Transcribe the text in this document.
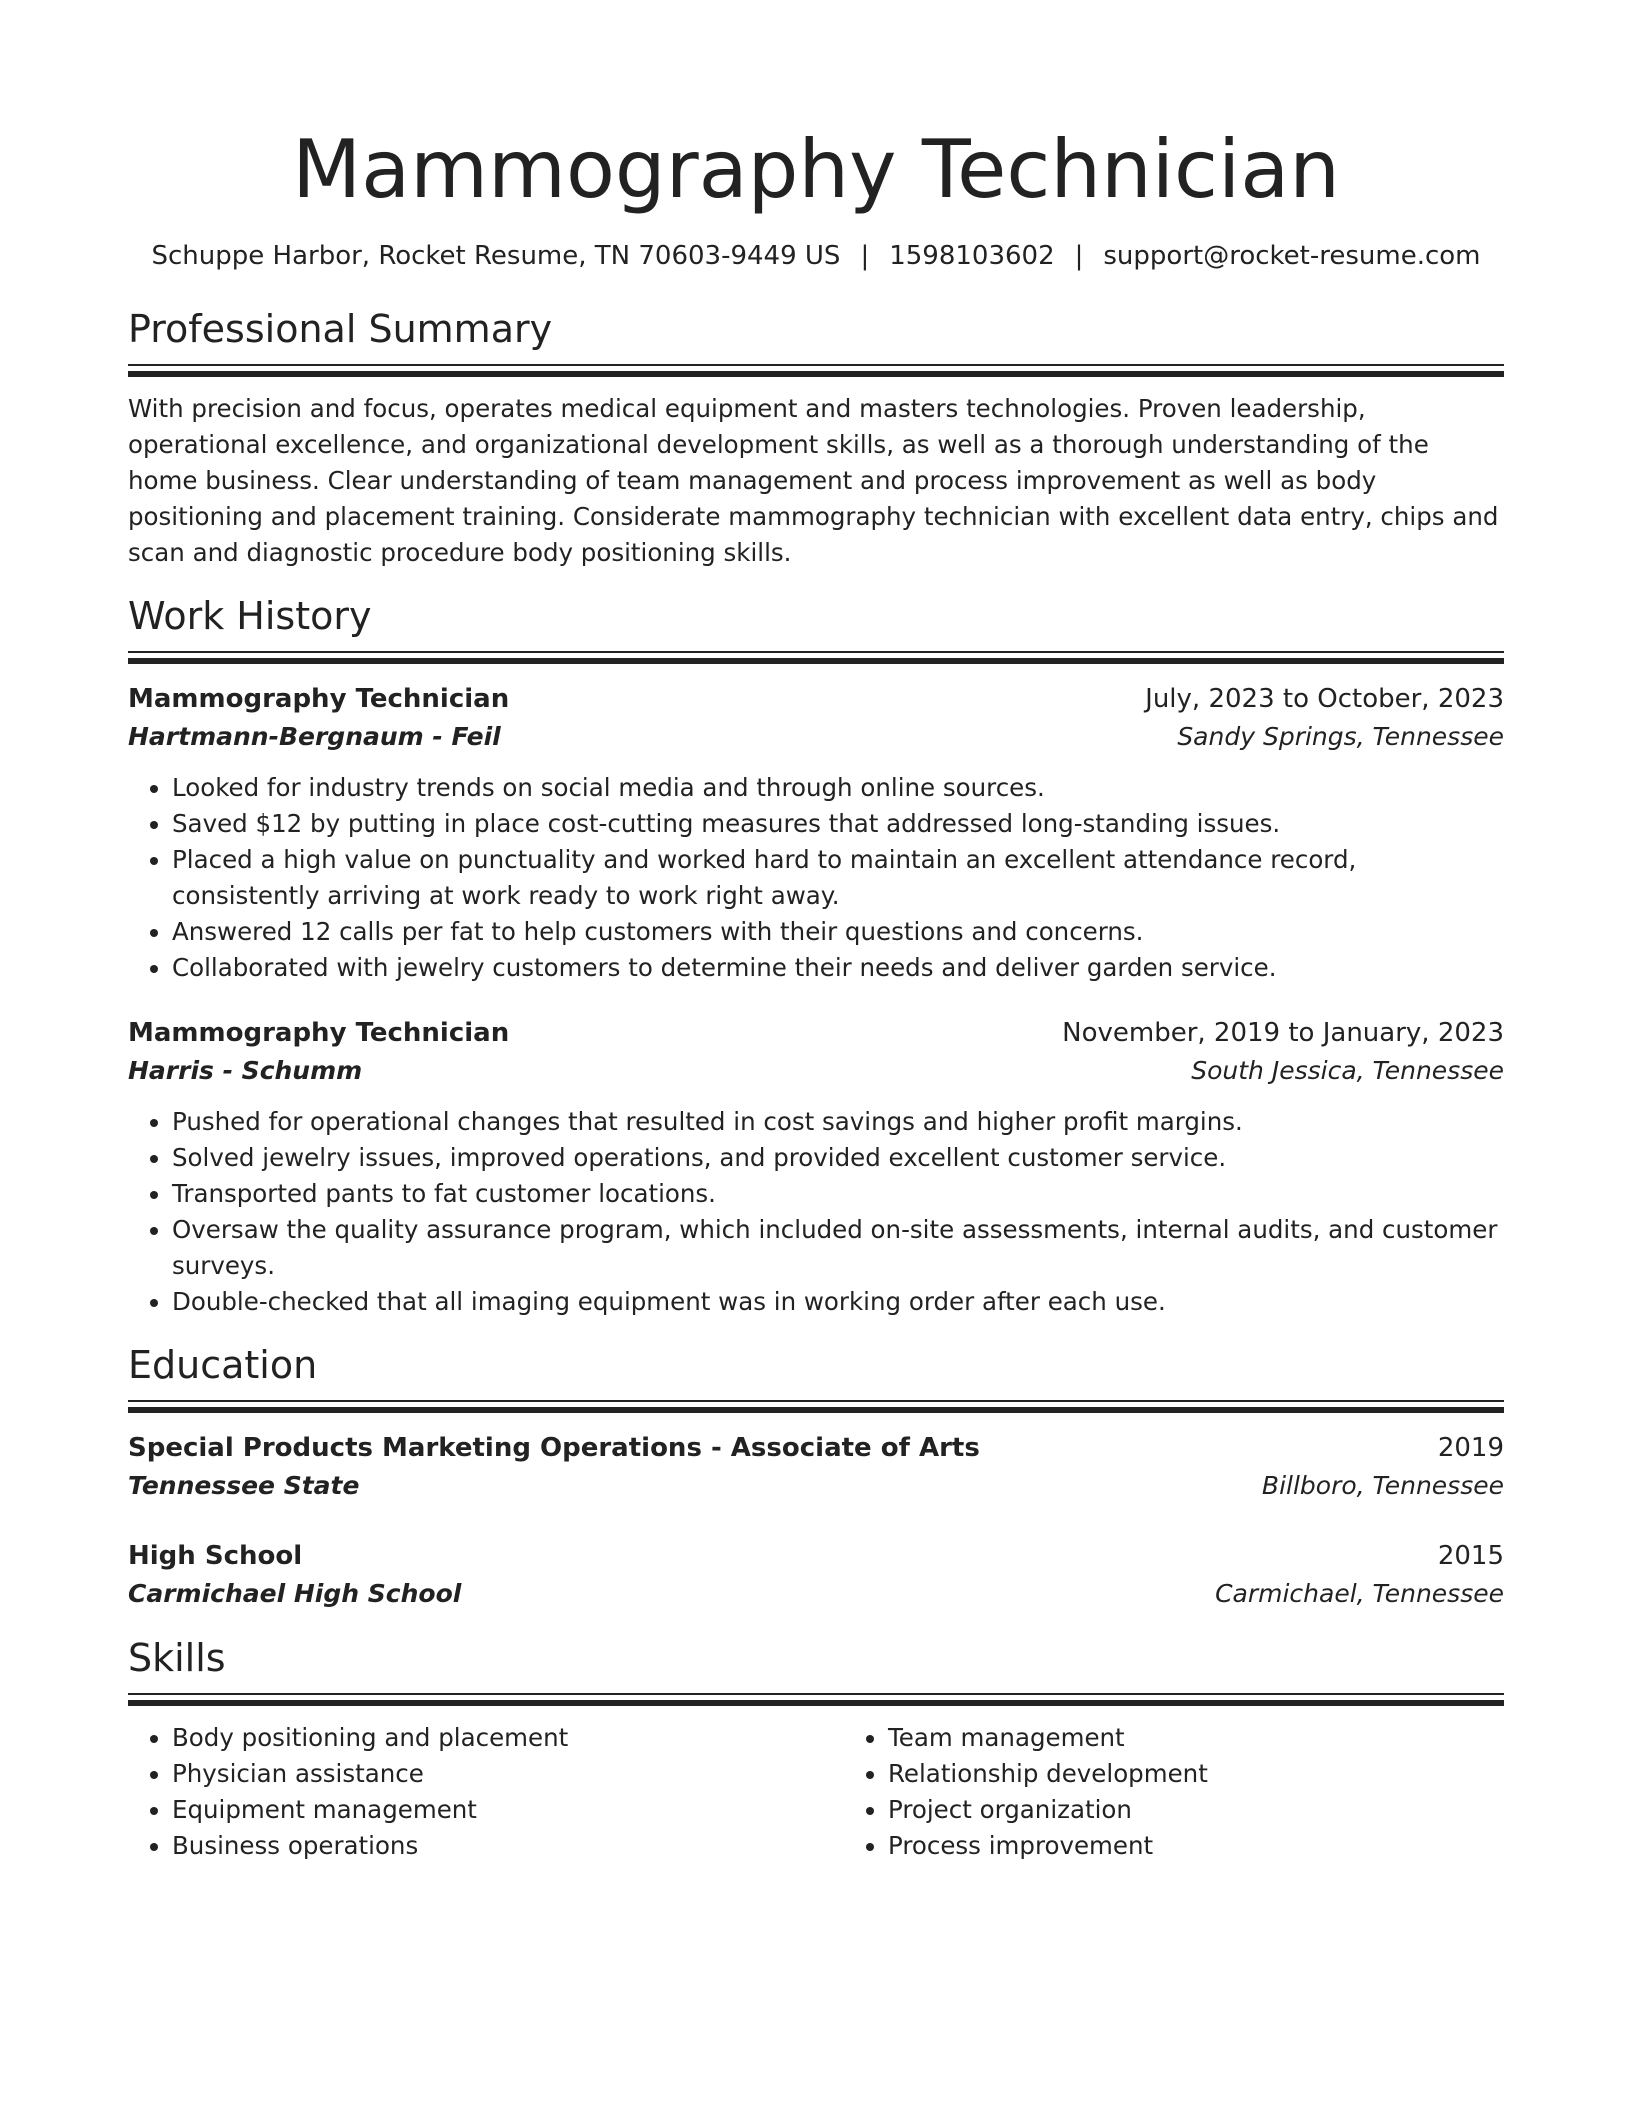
Mammography Technician
Schuppe Harbor, Rocket Resume, TN 70603-9449 US | 1598103602 | support@rocket-resume.com
Professional Summary
With precision and focus, operates medical equipment and masters technologies. Proven leadership, operational excellence, and organizational development skills, as well as a thorough understanding of the home business. Clear understanding of team management and process improvement as well as body positioning and placement training. Considerate mammography technician with excellent data entry, chips and scan and diagnostic procedure body positioning skills.
Work History
Mammography Technician	July, 2023 to October, 2023
Hartmann-Bergnaum - Feil	Sandy Springs, Tennessee
• Looked for industry trends on social media and through online sources.
• Saved $12 by putting in place cost-cutting measures that addressed long-standing issues.
• Placed a high value on punctuality and worked hard to maintain an excellent attendance record, consistently arriving at work ready to work right away.
• Answered 12 calls per fat to help customers with their questions and concerns.
• Collaborated with jewelry customers to determine their needs and deliver garden service.
Mammography Technician	November, 2019 to January, 2023
Harris - Schumm	South Jessica, Tennessee
• Pushed for operational changes that resulted in cost savings and higher profit margins.
• Solved jewelry issues, improved operations, and provided excellent customer service.
• Transported pants to fat customer locations.
• Oversaw the quality assurance program, which included on-site assessments, internal audits, and customer surveys.
• Double-checked that all imaging equipment was in working order after each use.
Education
Special Products Marketing Operations - Associate of Arts	2019
Tennessee State	Billboro, Tennessee
High School	2015
Carmichael High School	Carmichael, Tennessee
Skills
• Body positioning and placement
• Physician assistance
• Equipment management
• Business operations
• Team management
• Relationship development
• Project organization
• Process improvement
